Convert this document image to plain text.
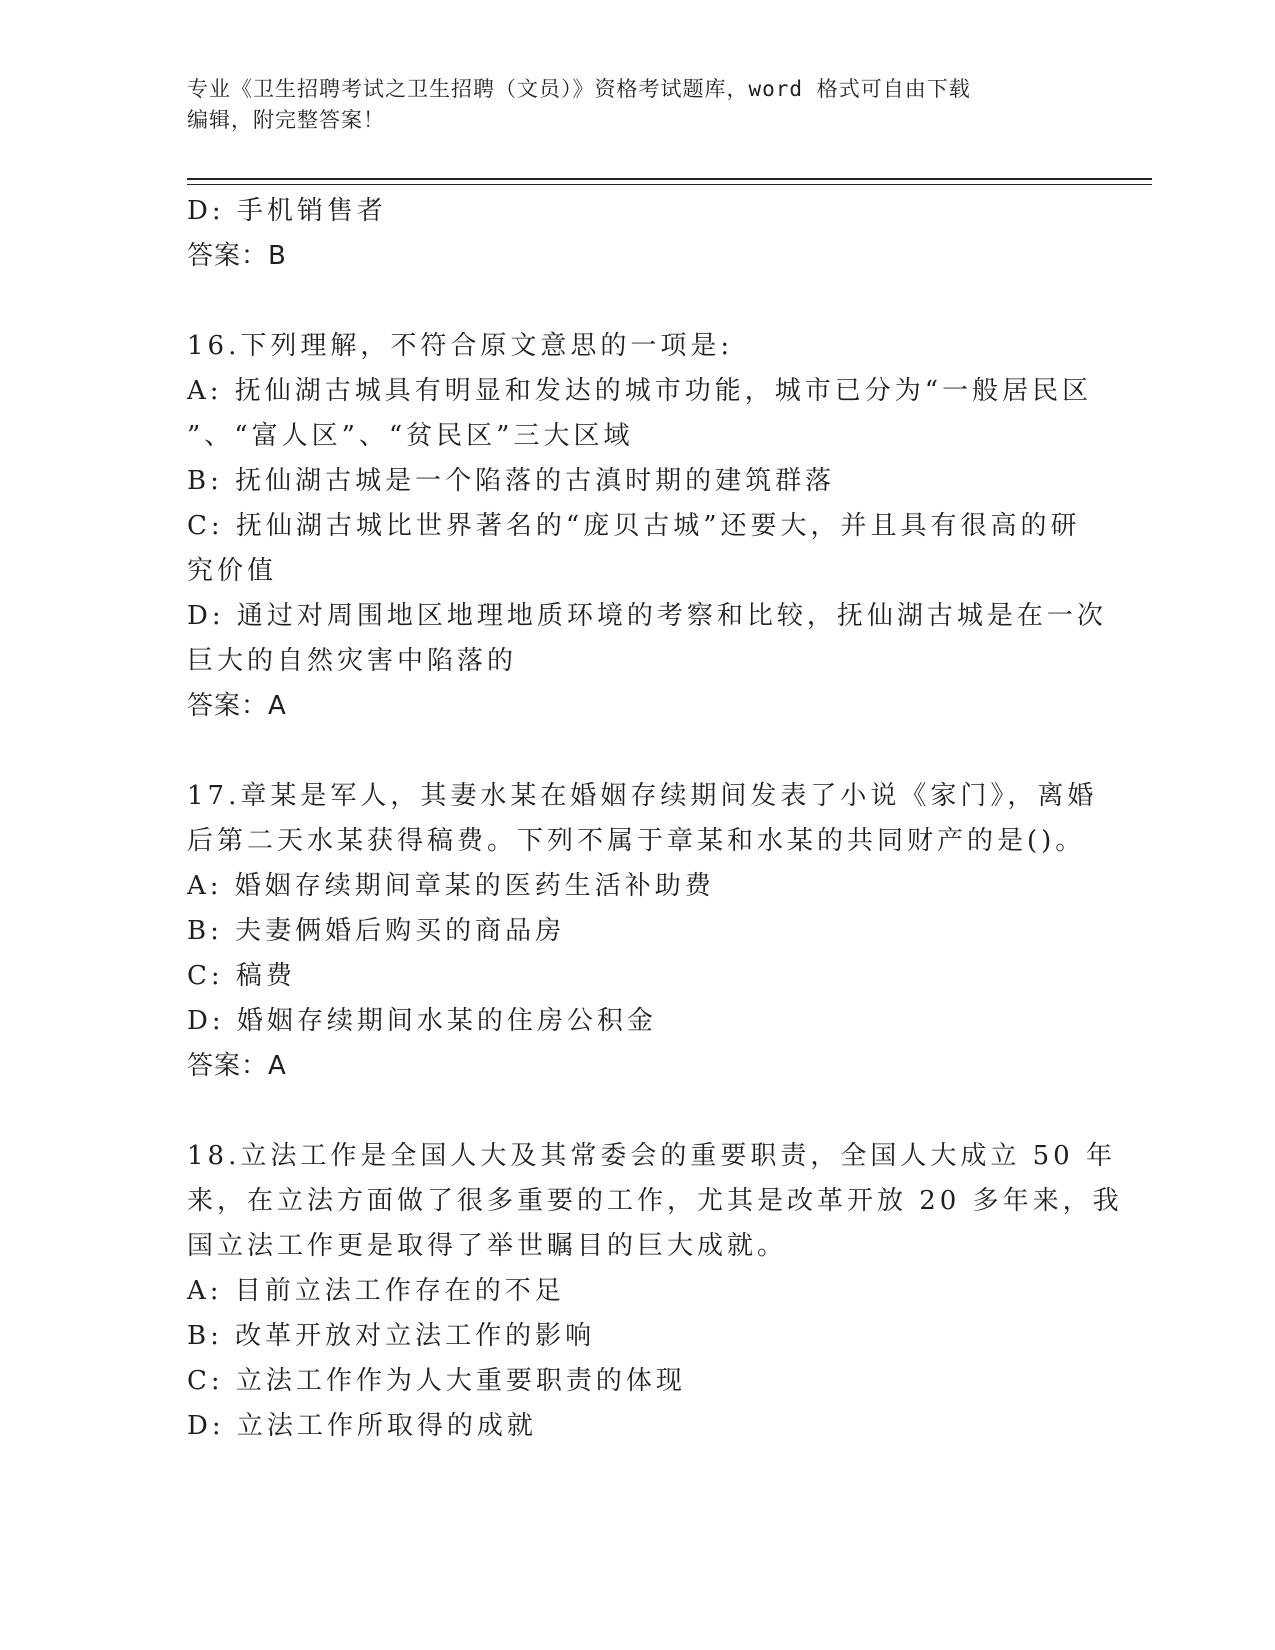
专业《卫生招聘考试之卫生招聘（文员）》资格考试题库，word 格式可自由下载
编辑，附完整答案！
D: 手机销售者
答案：B
16.下列理解，不符合原文意思的一项是:
A: 抚仙湖古城具有明显和发达的城市功能，城市已分为“一般居民区
”、“富人区”、“贫民区”三大区域
B: 抚仙湖古城是一个陷落的古滇时期的建筑群落
C: 抚仙湖古城比世界著名的“庞贝古城”还要大，并且具有很高的研
究价值
D: 通过对周围地区地理地质环境的考察和比较，抚仙湖古城是在一次
巨大的自然灾害中陷落的
答案：A
17.章某是军人，其妻水某在婚姻存续期间发表了小说《家门》，离婚
后第二天水某获得稿费。下列不属于章某和水某的共同财产的是()。
A: 婚姻存续期间章某的医药生活补助费
B: 夫妻俩婚后购买的商品房
C: 稿费
D: 婚姻存续期间水某的住房公积金
答案：A
18.立法工作是全国人大及其常委会的重要职责，全国人大成立 50 年
来，在立法方面做了很多重要的工作，尤其是改革开放 20 多年来，我
国立法工作更是取得了举世瞩目的巨大成就。
A: 目前立法工作存在的不足
B: 改革开放对立法工作的影响
C: 立法工作作为人大重要职责的体现
D: 立法工作所取得的成就
